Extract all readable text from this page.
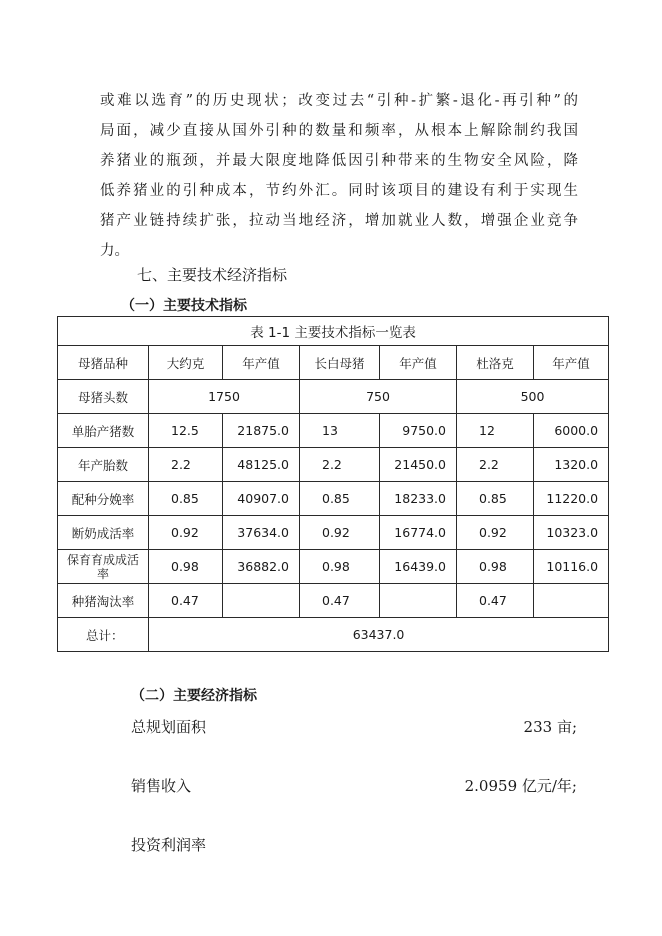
或难以选育”的历史现状；改变过去“引种-扩繁-退化-再引种”的
局面，减少直接从国外引种的数量和频率，从根本上解除制约我国
养猪业的瓶颈，并最大限度地降低因引种带来的生物安全风险，降
低养猪业的引种成本，节约外汇。同时该项目的建设有利于实现生
猪产业链持续扩张，拉动当地经济，增加就业人数，增强企业竞争
力。
七、主要技术经济指标
（一）主要技术指标
表 1-1 主要技术指标一览表						
母猪品种	大约克	年产值	长白母猪	年产值	杜洛克	年产值
母猪头数	1750		750		500	
单胎产猪数	12.5	21875.0	13	9750.0	12	6000.0
年产胎数	2.2	48125.0	2.2	21450.0	2.2	1320.0
配种分娩率	0.85	40907.0	0.85	18233.0	0.85	11220.0
断奶成活率	0.92	37634.0	0.92	16774.0	0.92	10323.0
保育育成成活率	0.98	36882.0	0.98	16439.0	0.98	10116.0
种猪淘汰率	0.47		0.47		0.47	
总计：	63437.0					
（二）主要经济指标
总规划面积	233 亩;
销售收入	2.0959 亿元/年;
投资利润率
